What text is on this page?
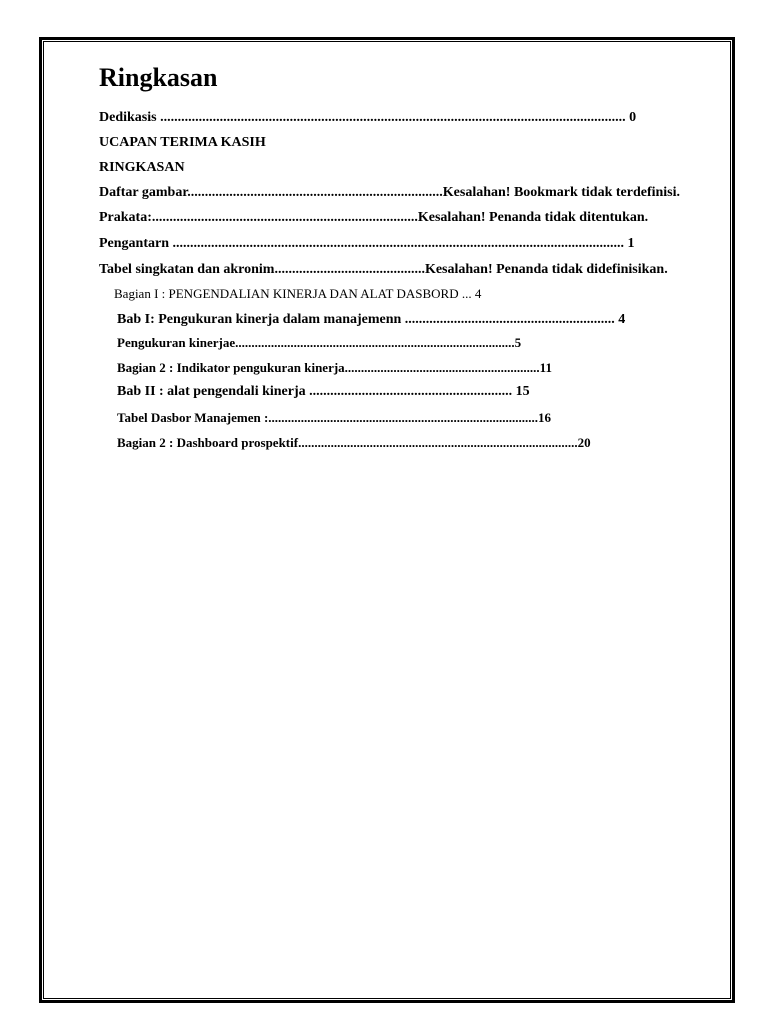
Ringkasan
Dedikasis ..................................................................................................................................... 0
UCAPAN TERIMA KASIH
RINGKASAN
Daftar gambar.........................................................................Kesalahan! Bookmark tidak terdefinisi.
Prakata:............................................................................Kesalahan! Penanda tidak ditentukan.
Pengantarn ................................................................................................................................. 1
Tabel singkatan dan akronim...........................................Kesalahan! Penanda tidak didefinisikan.
Bagian I : PENGENDALIAN KINERJA DAN ALAT DASBORD ... 4
Bab I: Pengukuran kinerja dalam manajemenn ............................................................ 4
Pengukuran kinerjae......................................................................................5
Bagian 2 : Indikator pengukuran kinerja............................................................11
Bab II : alat pengendali kinerja .......................................................... 15
Tabel Dasbor Manajemen :...................................................................................16
Bagian 2 : Dashboard prospektif......................................................................................20
